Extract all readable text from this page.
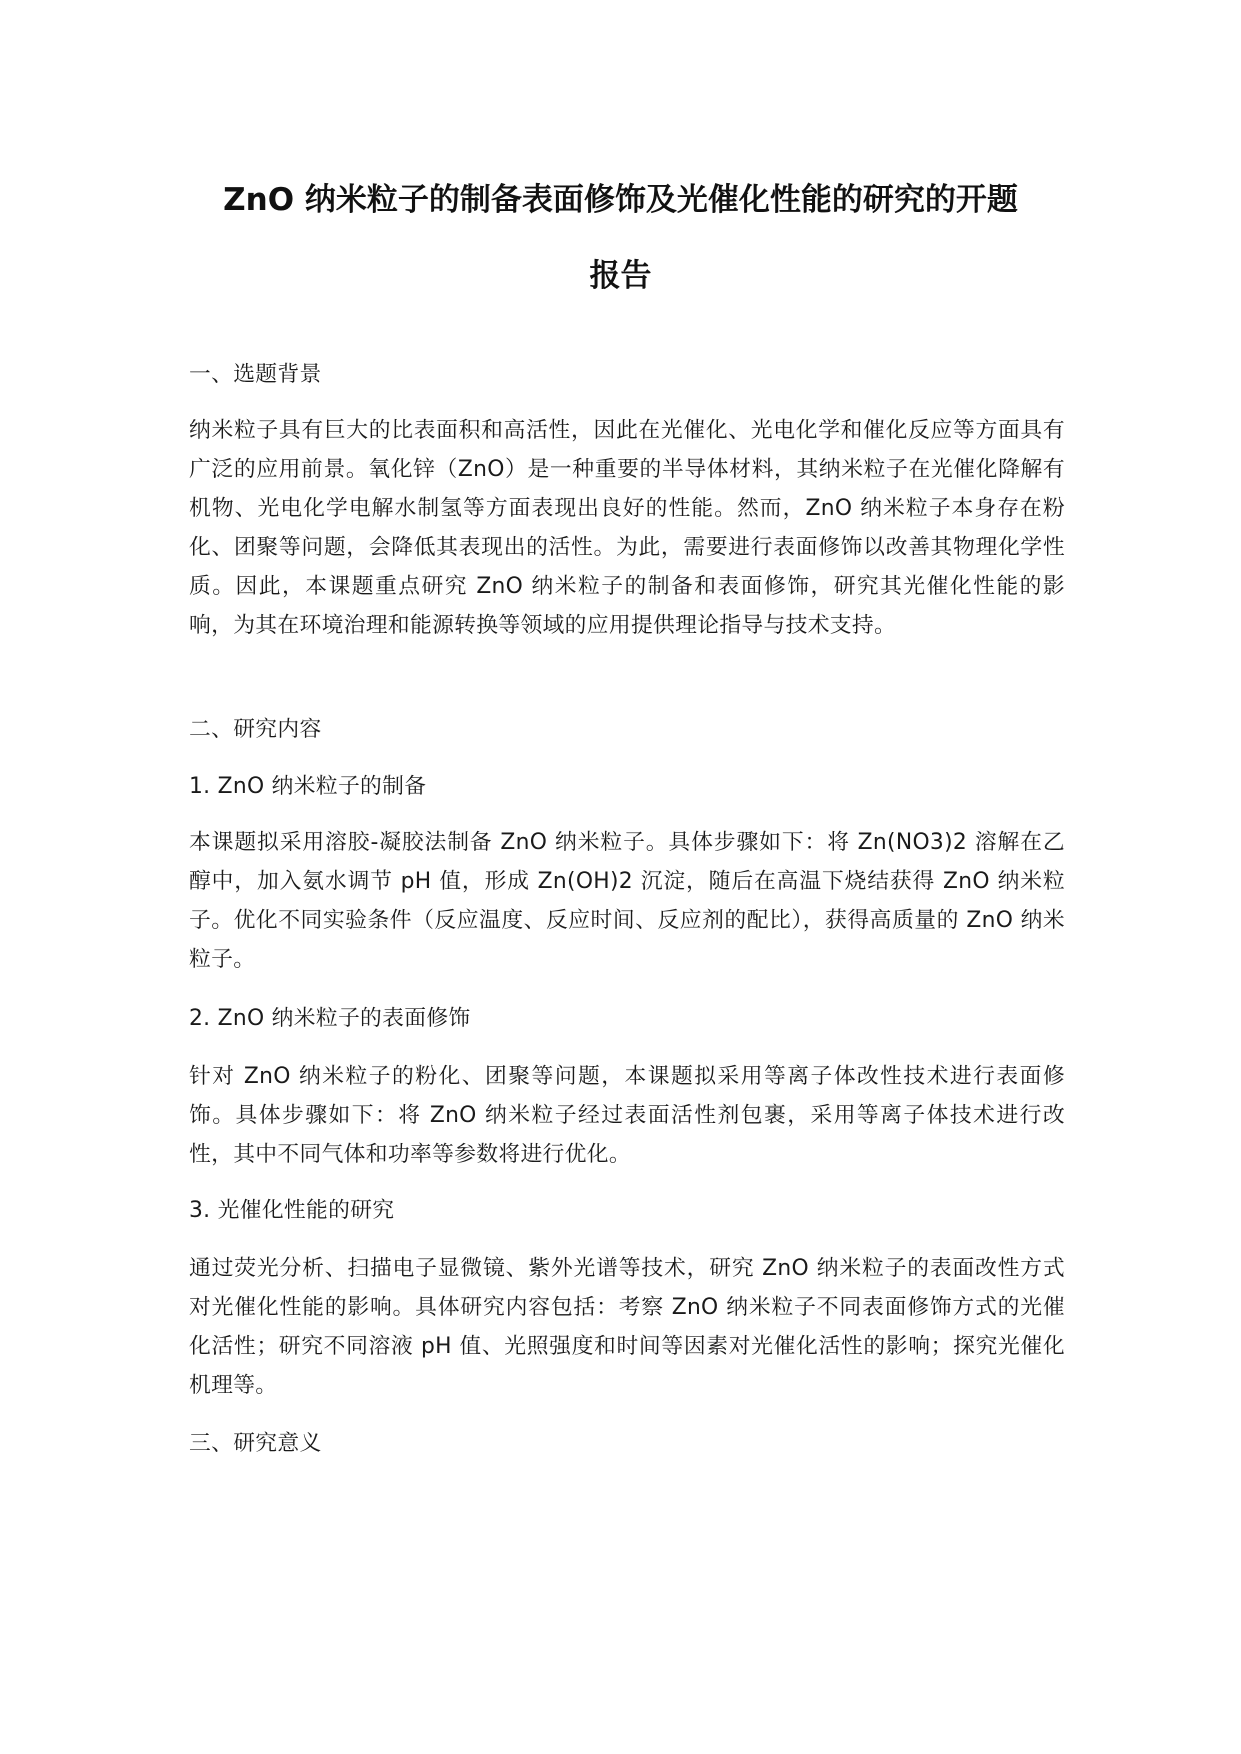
ZnO 纳米粒子的制备表面修饰及光催化性能的研究的开题
报告

一、选题背景

纳米粒子具有巨大的比表面积和高活性，因此在光催化、光电化学和催化反应等方面具有广泛的应用前景。氧化锌（ZnO）是一种重要的半导体材料，其纳米粒子在光催化降解有机物、光电化学电解水制氢等方面表现出良好的性能。然而，ZnO 纳米粒子本身存在粉化、团聚等问题，会降低其表现出的活性。为此，需要进行表面修饰以改善其物理化学性质。因此，本课题重点研究 ZnO 纳米粒子的制备和表面修饰，研究其光催化性能的影响，为其在环境治理和能源转换等领域的应用提供理论指导与技术支持。

二、研究内容

1. ZnO 纳米粒子的制备

本课题拟采用溶胶-凝胶法制备 ZnO 纳米粒子。具体步骤如下：将 Zn(NO3)2 溶解在乙醇中，加入氨水调节 pH 值，形成 Zn(OH)2 沉淀，随后在高温下烧结获得 ZnO 纳米粒子。优化不同实验条件（反应温度、反应时间、反应剂的配比），获得高质量的 ZnO 纳米粒子。

2. ZnO 纳米粒子的表面修饰

针对 ZnO 纳米粒子的粉化、团聚等问题，本课题拟采用等离子体改性技术进行表面修饰。具体步骤如下：将 ZnO 纳米粒子经过表面活性剂包裹，采用等离子体技术进行改性，其中不同气体和功率等参数将进行优化。

3. 光催化性能的研究

通过荧光分析、扫描电子显微镜、紫外光谱等技术，研究 ZnO 纳米粒子的表面改性方式对光催化性能的影响。具体研究内容包括：考察 ZnO 纳米粒子不同表面修饰方式的光催化活性；研究不同溶液 pH 值、光照强度和时间等因素对光催化活性的影响；探究光催化机理等。

三、研究意义
